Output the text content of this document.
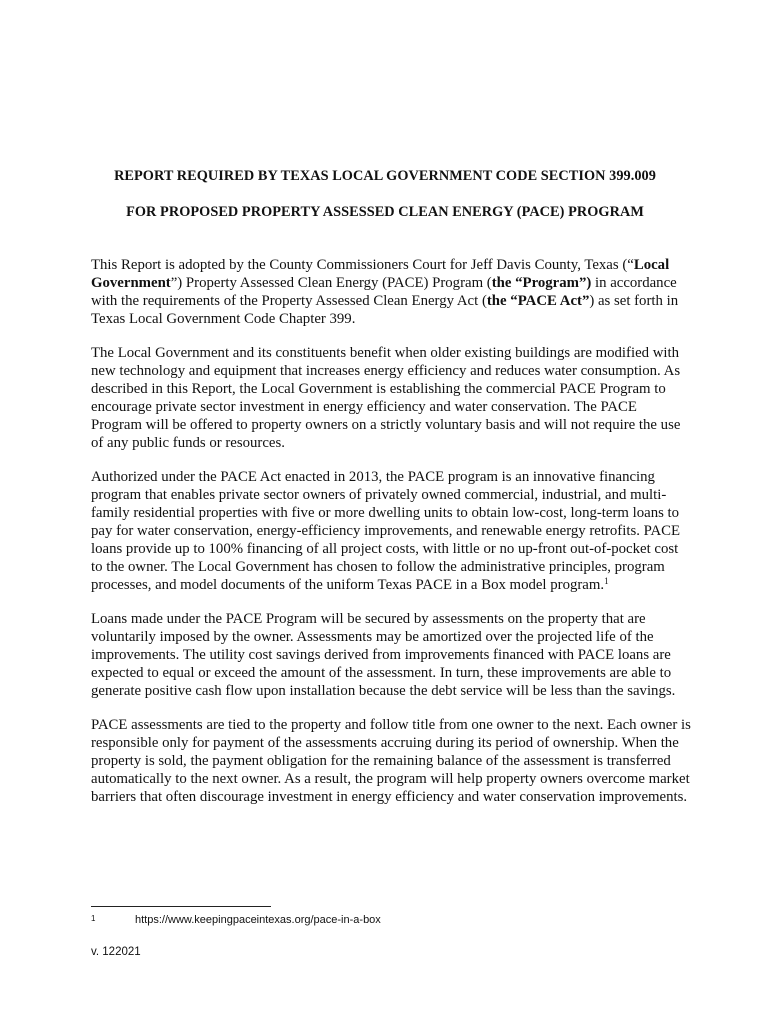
REPORT REQUIRED BY TEXAS LOCAL GOVERNMENT CODE SECTION 399.009
FOR PROPOSED PROPERTY ASSESSED CLEAN ENERGY (PACE) PROGRAM

This Report is adopted by the County Commissioners Court for Jeff Davis County, Texas (“Local Government”) Property Assessed Clean Energy (PACE) Program (the “Program”) in accordance with the requirements of the Property Assessed Clean Energy Act (the “PACE Act”) as set forth in Texas Local Government Code Chapter 399.

The Local Government and its constituents benefit when older existing buildings are modified with new technology and equipment that increases energy efficiency and reduces water consumption. As described in this Report, the Local Government is establishing the commercial PACE Program to encourage private sector investment in energy efficiency and water conservation. The PACE Program will be offered to property owners on a strictly voluntary basis and will not require the use of any public funds or resources.

Authorized under the PACE Act enacted in 2013, the PACE program is an innovative financing program that enables private sector owners of privately owned commercial, industrial, and multi-family residential properties with five or more dwelling units to obtain low-cost, long-term loans to pay for water conservation, energy-efficiency improvements, and renewable energy retrofits. PACE loans provide up to 100% financing of all project costs, with little or no up-front out-of-pocket cost to the owner. The Local Government has chosen to follow the administrative principles, program processes, and model documents of the uniform Texas PACE in a Box model program.$^1$

Loans made under the PACE Program will be secured by assessments on the property that are voluntarily imposed by the owner. Assessments may be amortized over the projected life of the improvements. The utility cost savings derived from improvements financed with PACE loans are expected to equal or exceed the amount of the assessment. In turn, these improvements are able to generate positive cash flow upon installation because the debt service will be less than the savings.

PACE assessments are tied to the property and follow title from one owner to the next. Each owner is responsible only for payment of the assessments accruing during its period of ownership. When the property is sold, the payment obligation for the remaining balance of the assessment is transferred automatically to the next owner. As a result, the program will help property owners overcome market barriers that often discourage investment in energy efficiency and water conservation improvements.

1	https://www.keepingpaceintexas.org/pace-in-a-box
v. 122021
